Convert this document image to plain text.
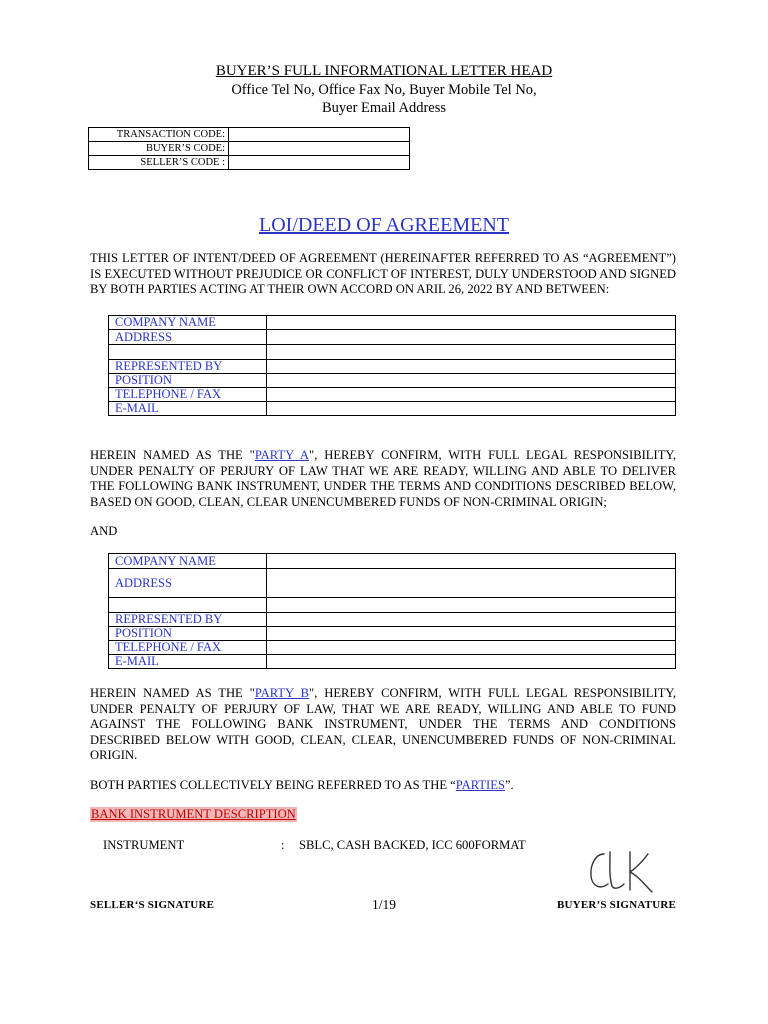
BUYER’S FULL INFORMATIONAL LETTER HEAD
Office Tel No, Office Fax No, Buyer Mobile Tel No,
Buyer Email Address
TRANSACTION CODE:	
BUYER’S CODE:	
SELLER’S CODE :	
LOI/DEED OF AGREEMENT
THIS LETTER OF INTENT/DEED OF AGREEMENT (HEREINAFTER REFERRED TO AS “AGREEMENT”) IS EXECUTED WITHOUT PREJUDICE OR CONFLICT OF INTEREST, DULY UNDERSTOOD AND SIGNED BY BOTH PARTIES ACTING AT THEIR OWN ACCORD ON ARIL 26, 2022 BY AND BETWEEN:
COMPANY NAME	
ADDRESS	

REPRESENTED BY	
POSITION	
TELEPHONE / FAX	
E-MAIL	
HEREIN NAMED AS THE "PARTY A", HEREBY CONFIRM, WITH FULL LEGAL RESPONSIBILITY, UNDER PENALTY OF PERJURY OF LAW THAT WE ARE READY, WILLING AND ABLE TO DELIVER THE FOLLOWING BANK INSTRUMENT, UNDER THE TERMS AND CONDITIONS DESCRIBED BELOW, BASED ON GOOD, CLEAN, CLEAR UNENCUMBERED FUNDS OF NON-CRIMINAL ORIGIN;
AND
COMPANY NAME	
ADDRESS	

REPRESENTED BY	
POSITION	
TELEPHONE / FAX	
E-MAIL	
HEREIN NAMED AS THE "PARTY B", HEREBY CONFIRM, WITH FULL LEGAL RESPONSIBILITY, UNDER PENALTY OF PERJURY OF LAW, THAT WE ARE READY, WILLING AND ABLE TO FUND AGAINST THE FOLLOWING BANK INSTRUMENT, UNDER THE TERMS AND CONDITIONS DESCRIBED BELOW WITH GOOD, CLEAN, CLEAR, UNENCUMBERED FUNDS OF NON-CRIMINAL ORIGIN.
BOTH PARTIES COLLECTIVELY BEING REFERRED TO AS THE “PARTIES”.
BANK INSTRUMENT DESCRIPTION
INSTRUMENT	: SBLC, CASH BACKED, ICC 600FORMAT
SELLER‘S SIGNATURE	1/19	BUYER’S SIGNATURE
